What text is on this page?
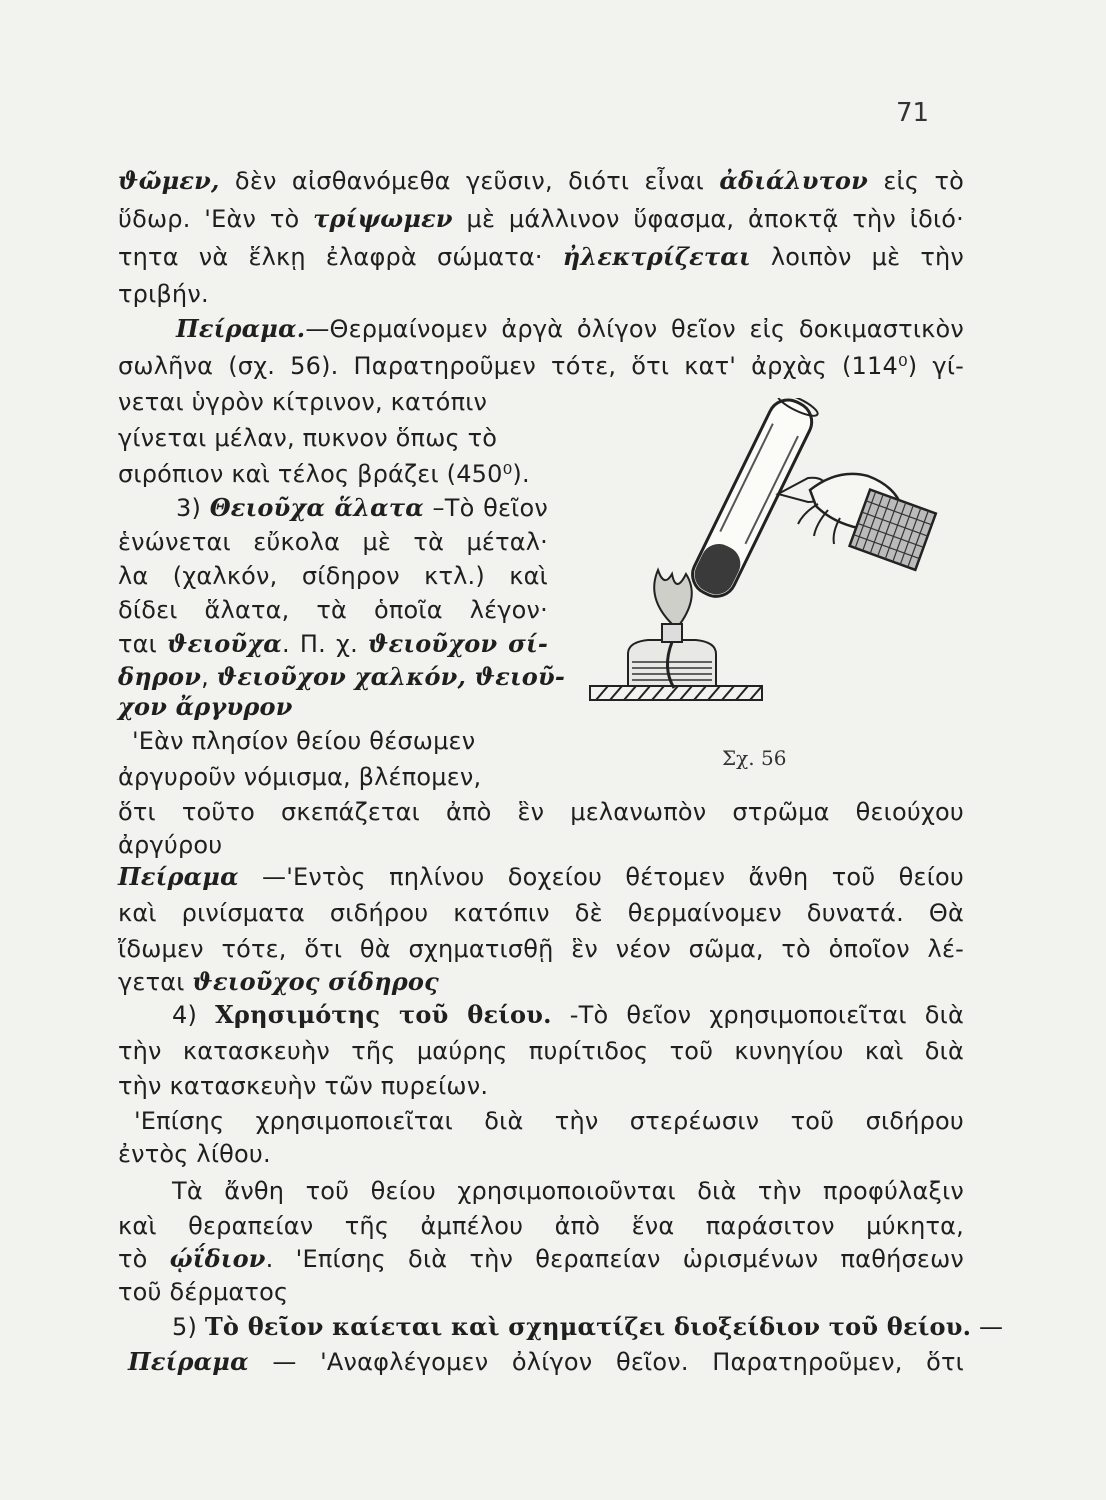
71
ϑῶμεν, δὲν αἰσθανόμεθα γεῦσιν, διότι εἶναι ἀδιάλυτον εἰς τὸ
ὕδωρ. 'Εὰν τὸ τρίψωμεν μὲ μάλλινον ὕφασμα, ἀποκτᾷ τὴν ἰδιό·
τητα νὰ ἕλκῃ ἐλαφρὰ σώματα· ἠλεκτρίζεται λοιπὸν μὲ τὴν
τριβήν.
Πείραμα.—Θερμαίνομεν ἀργὰ ὀλίγον θεῖον εἰς δοκιμαστικὸν
σωλῆνα (σχ. 56). Παρατηροῦμεν τότε, ὅτι κατ' ἀρχὰς (114⁰) γί-
νεται ὑγρὸν κίτρινον, κατόπιν
γίνεται μέλαν, πυκνον ὅπως τὸ
σιρόπιον καὶ τέλος βράζει (450⁰).
3) Θειοῦχα ἅλατα –Τὸ θεῖον
ἑνώνεται εὔκολα μὲ τὰ μέταλ·
λα (χαλκόν, σίδηρον κτλ.) καὶ
δίδει ἅλατα, τὰ ὁποῖα λέγον·
ται ϑειοῦχα. Π. χ. ϑειοῦχον σί-
δηρον, ϑειοῦχον χαλκόν, ϑειοῦ-
χον ἄργυρον
'Εὰν πλησίον θείου θέσωμεν
ἀργυροῦν νόμισμα, βλέπομεν,
ὅτι τοῦτο σκεπάζεται ἀπὸ ἓν μελανωπὸν στρῶμα θειούχου
ἀργύρου
Σχ. 56
Πείραμα —'Εντὸς πηλίνου δοχείου θέτομεν ἄνθη τοῦ θείου
καὶ ρινίσματα σιδήρου κατόπιν δὲ θερμαίνομεν δυνατά. Θὰ
ἴδωμεν τότε, ὅτι θὰ σχηματισθῇ ἓν νέον σῶμα, τὸ ὁποῖον λέ-
γεται ϑειοῦχος σίδηρος
4) Χρησιμότης τοῦ θείου. -Τὸ θεῖον χρησιμοποιεῖται διὰ
τὴν κατασκευὴν τῆς μαύρης πυρίτιδος τοῦ κυνηγίου καὶ διὰ
τὴν κατασκευὴν τῶν πυρείων.
'Επίσης χρησιμοποιεῖται διὰ τὴν στερέωσιν τοῦ σιδήρου
ἐντὸς λίθου.
Τὰ ἄνθη τοῦ θείου χρησιμοποιοῦνται διὰ τὴν προφύλαξιν
καὶ θεραπείαν τῆς ἀμπέλου ἀπὸ ἕνα παράσιτον μύκητα,
τὸ ῴΐδιον. 'Επίσης διὰ τὴν θεραπείαν ὡρισμένων παθήσεων
τοῦ δέρματος
5) Τὸ θεῖον καίεται καὶ σχηματίζει διοξείδιον τοῦ θείου. —
Πείραμα — 'Αναφλέγομεν ὀλίγον θεῖον. Παρατηροῦμεν, ὅτι
